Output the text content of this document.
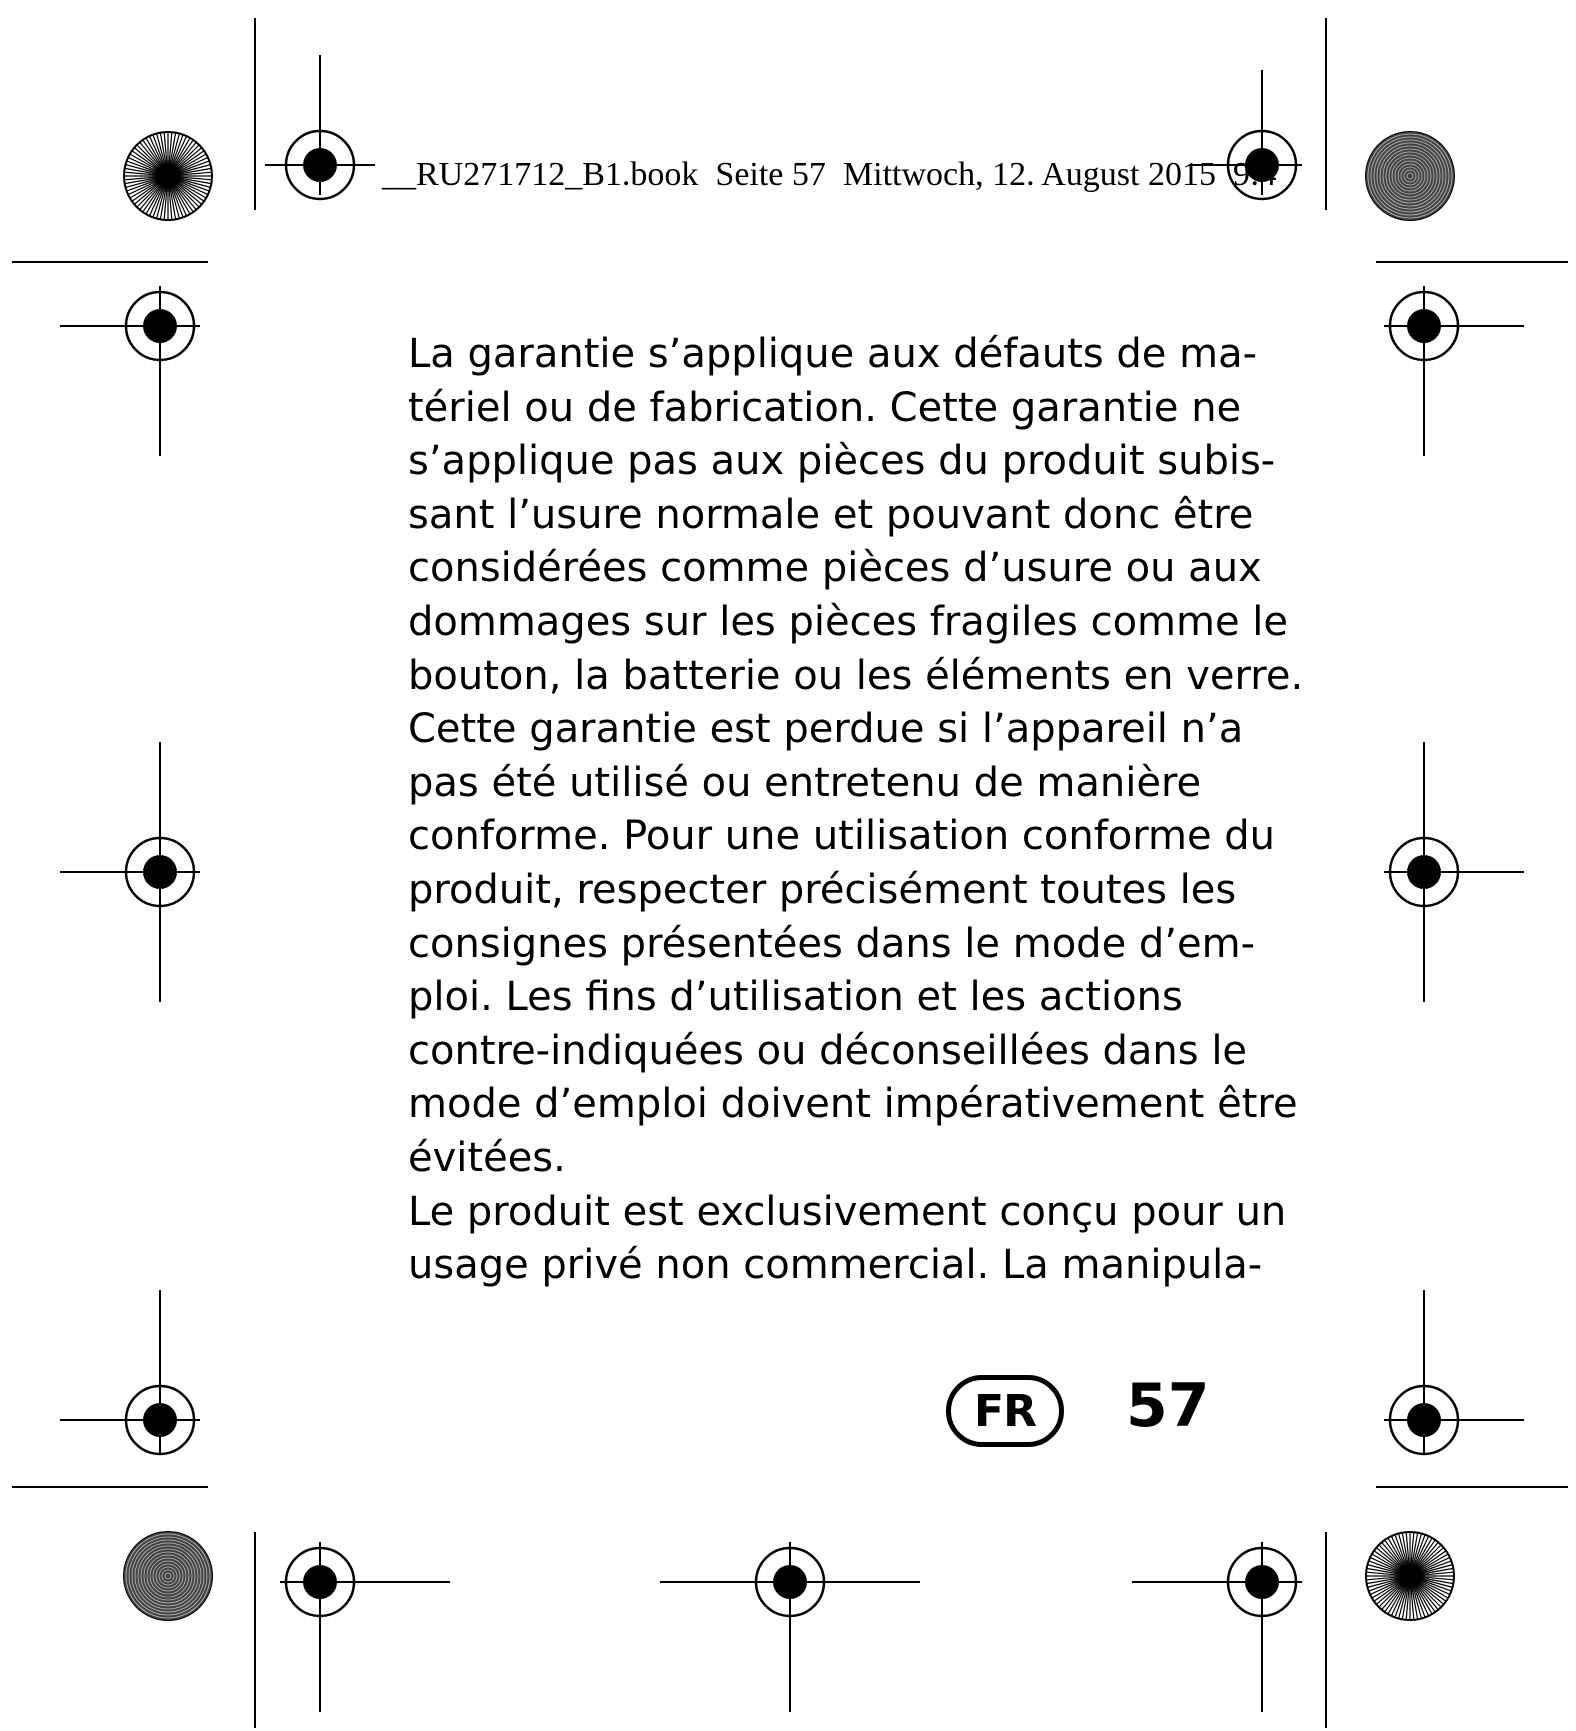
__RU271712_B1.book  Seite 57  Mittwoch, 12. August 2015  9:4

La garantie s’applique aux défauts de ma-
tériel ou de fabrication. Cette garantie ne
s’applique pas aux pièces du produit subis-
sant l’usure normale et pouvant donc être
considérées comme pièces d’usure ou aux
dommages sur les pièces fragiles comme le
bouton, la batterie ou les éléments en verre.
Cette garantie est perdue si l’appareil n’a
pas été utilisé ou entretenu de manière
conforme. Pour une utilisation conforme du
produit, respecter précisément toutes les
consignes présentées dans le mode d’em-
ploi. Les fins d’utilisation et les actions
contre-indiquées ou déconseillées dans le
mode d’emploi doivent impérativement être
évitées.
Le produit est exclusivement conçu pour un
usage privé non commercial. La manipula-
FR	57
